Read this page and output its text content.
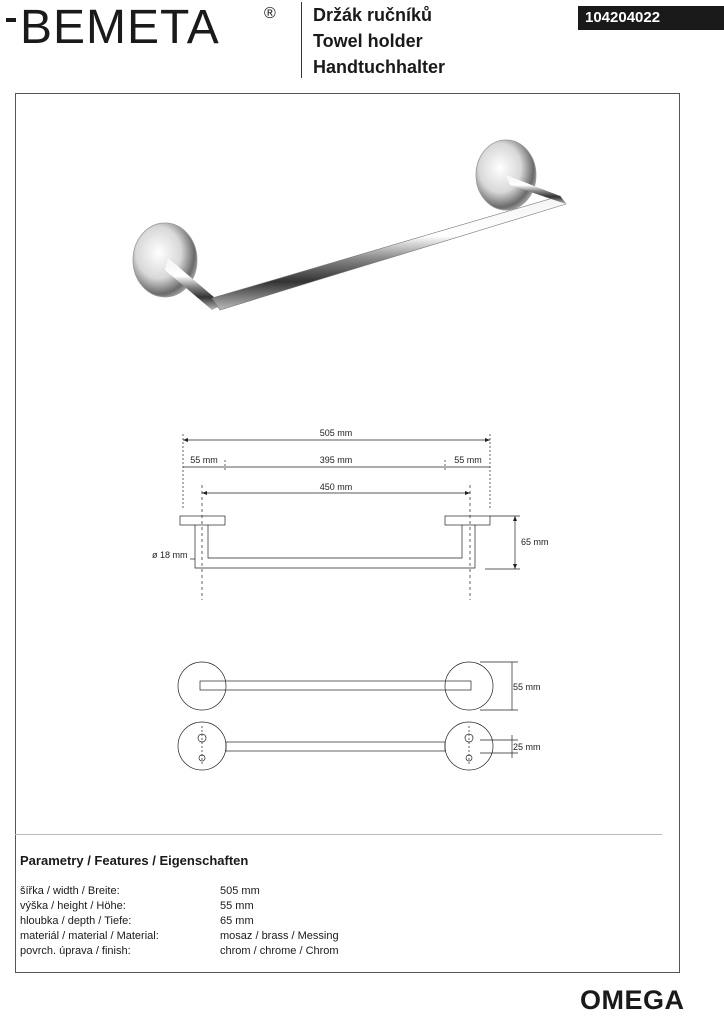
BEMETA	® Držák ručníků
Towel holder
Handtuchhalter
104204022
505 mm
55 mm	395 mm	55 mm
450 mm
65 mm
ø 18 mm
55 mm
25 mm
Parametry / Features / Eigenschaften
šířka / width / Breite:	505 mm
výška / height / Höhe:	55 mm
hloubka / depth / Tiefe:	65 mm
materiál / material / Material:	mosaz / brass / Messing
povrch. úprava / finish:	chrom / chrome / Chrom
OMEGA
